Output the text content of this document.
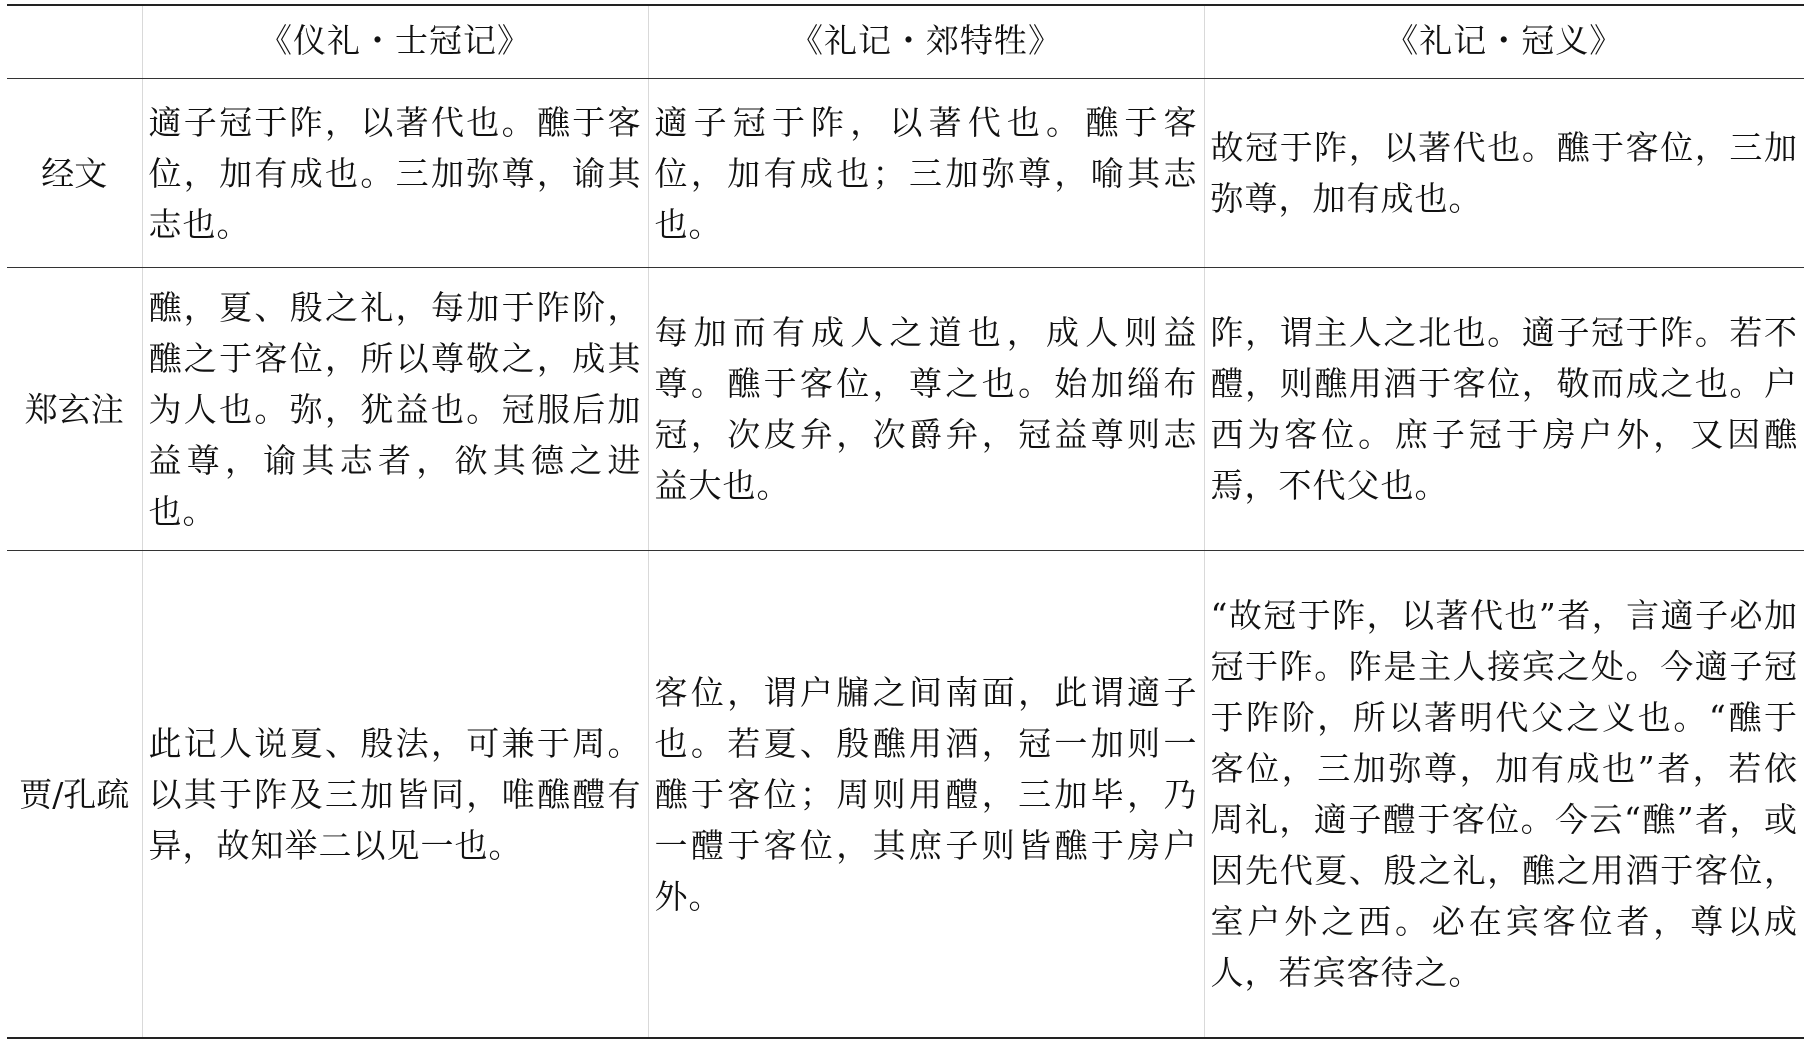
	《仪礼・士冠记》	《礼记・郊特牲》	《礼记・冠义》
经文	適子冠于阼，以著代也。醮于客位，加有成也。三加弥尊，谕其志也。	適子冠于阼，以著代也。醮于客位，加有成也；三加弥尊，喻其志也。	故冠于阼，以著代也。醮于客位，三加弥尊，加有成也。
郑玄注	醮，夏、殷之礼，每加于阼阶，醮之于客位，所以尊敬之，成其为人也。弥，犹益也。冠服后加益尊，谕其志者，欲其德之进也。	每加而有成人之道也，成人则益尊。醮于客位，尊之也。始加缁布冠，次皮弁，次爵弁，冠益尊则志益大也。	阼，谓主人之北也。適子冠于阼。若不醴，则醮用酒于客位，敬而成之也。户西为客位。庶子冠于房户外，又因醮焉，不代父也。
贾/孔疏	此记人说夏、殷法，可兼于周。以其于阼及三加皆同，唯醮醴有异，故知举二以见一也。	客位，谓户牖之间南面，此谓適子也。若夏、殷醮用酒，冠一加则一醮于客位；周则用醴，三加毕，乃一醴于客位，其庶子则皆醮于房户外。	“故冠于阼，以著代也”者，言適子必加冠于阼。阼是主人接宾之处。今適子冠于阼阶，所以著明代父之义也。“醮于客位，三加弥尊，加有成也”者，若依周礼，適子醴于客位。今云“醮”者，或因先代夏、殷之礼，醮之用酒于客位，室户外之西。必在宾客位者，尊以成人，若宾客待之。
